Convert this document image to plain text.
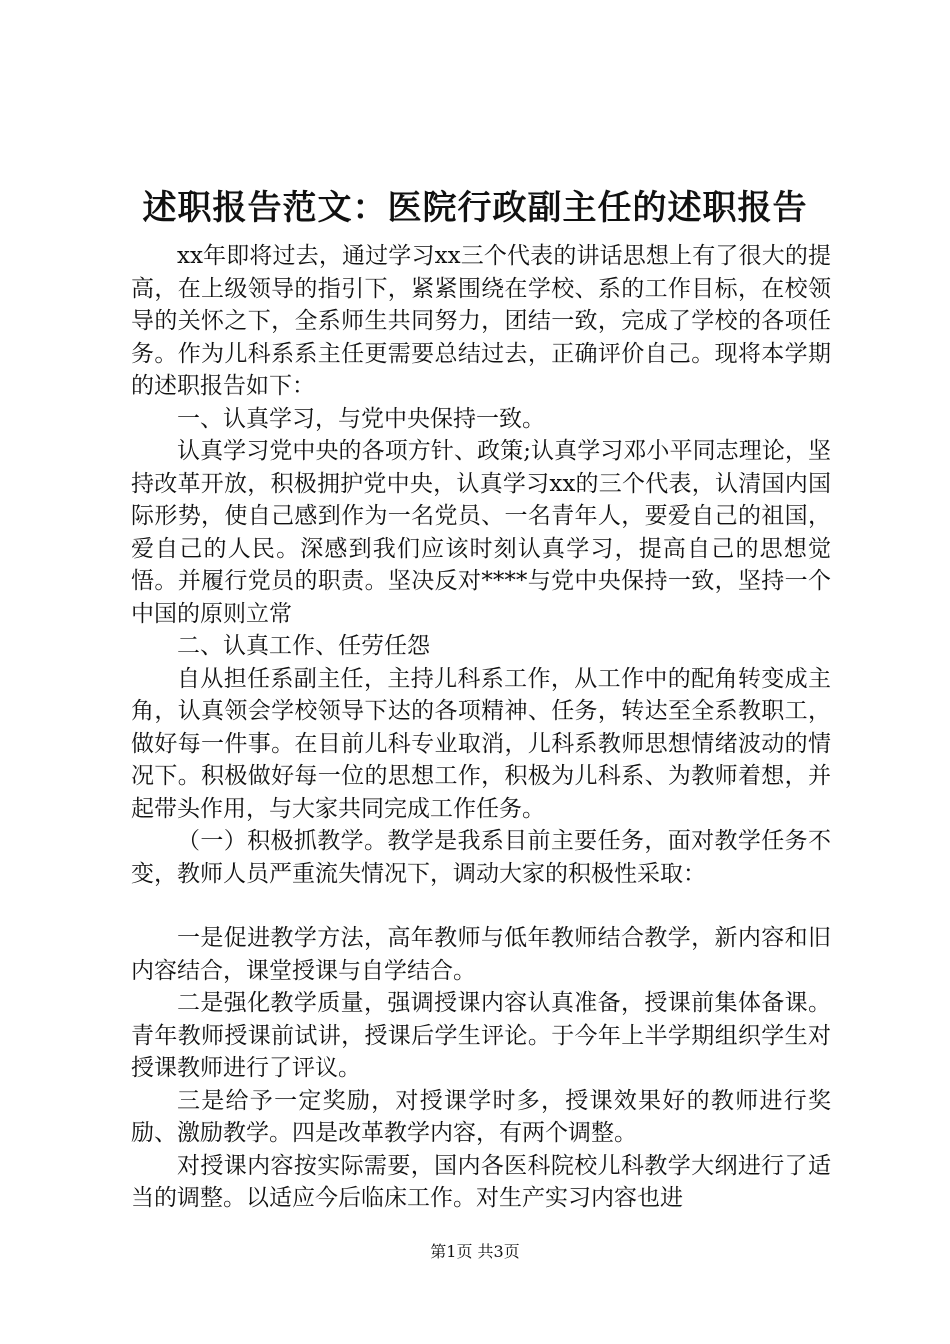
述职报告范文：医院行政副主任的述职报告

xx年即将过去，通过学习xx三个代表的讲话思想上有了很大的提高，在上级领导的指引下，紧紧围绕在学校、系的工作目标，在校领导的关怀之下，全系师生共同努力，团结一致，完成了学校的各项任务。作为儿科系系主任更需要总结过去，正确评价自己。现将本学期的述职报告如下：

一、认真学习，与党中央保持一致。

认真学习党中央的各项方针、政策;认真学习邓小平同志理论，坚持改革开放，积极拥护党中央，认真学习xx的三个代表，认清国内国际形势，使自己感到作为一名党员、一名青年人，要爱自己的祖国，爱自己的人民。深感到我们应该时刻认真学习，提高自己的思想觉悟。并履行党员的职责。坚决反对****与党中央保持一致，坚持一个中国的原则立常

二、认真工作、任劳任怨

自从担任系副主任，主持儿科系工作，从工作中的配角转变成主角，认真领会学校领导下达的各项精神、任务，转达至全系教职工，做好每一件事。在目前儿科专业取消，儿科系教师思想情绪波动的情况下。积极做好每一位的思想工作，积极为儿科系、为教师着想，并起带头作用，与大家共同完成工作任务。

（一）积极抓教学。教学是我系目前主要任务，面对教学任务不变，教师人员严重流失情况下，调动大家的积极性采取：

一是促进教学方法，高年教师与低年教师结合教学，新内容和旧内容结合，课堂授课与自学结合。

二是强化教学质量，强调授课内容认真准备，授课前集体备课。青年教师授课前试讲，授课后学生评论。于今年上半学期组织学生对授课教师进行了评议。

三是给予一定奖励，对授课学时多，授课效果好的教师进行奖励、激励教学。四是改革教学内容，有两个调整。

对授课内容按实际需要，国内各医科院校儿科教学大纲进行了适当的调整。以适应今后临床工作。对生产实习内容也进

第1页 共3页
